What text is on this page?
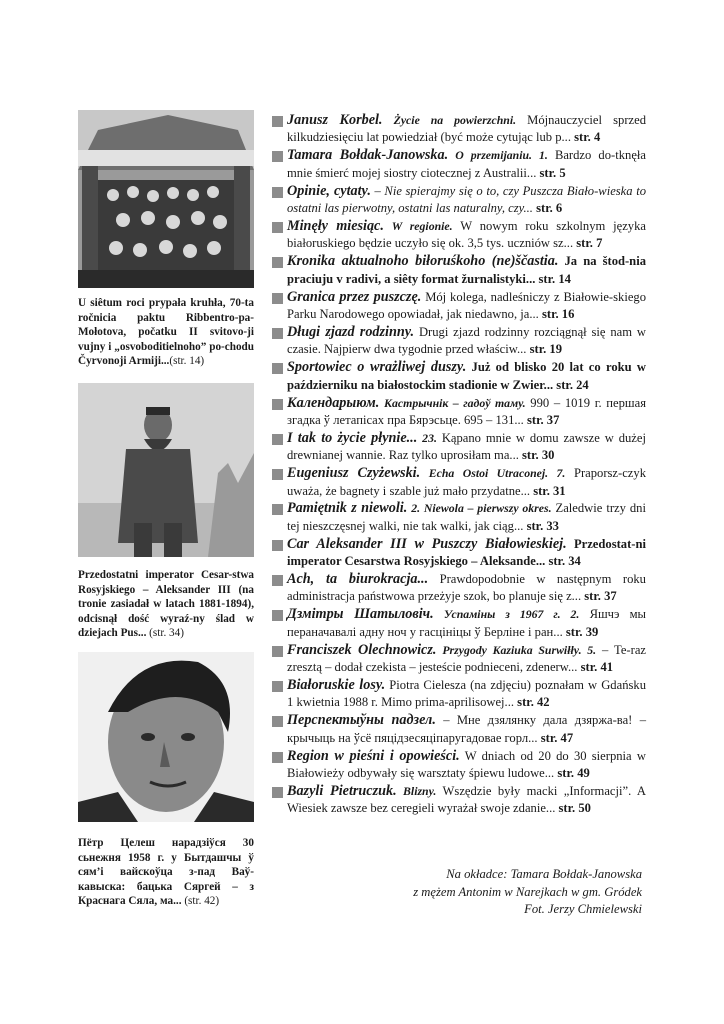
U siêtum roci prypała kruhła, 70-ta ročnicia paktu Ribbentro-pa-Mołotova, počatku II svitovo-ji vujny i „osvoboditielnoho” po-chodu Čyrvonoji Armiji...(str. 14)
Przedostatni imperator Cesar-stwa Rosyjskiego – Aleksander III (na tronie zasiadał w latach 1881-1894), odcisnął dość wyraź-ny ślad w dziejach Pus... (str. 34)
Пётр Целеш нарадзіўся 30 сьнежня 1958 г. у Бытдашчы ў сям’і вайскоўца з-пад Ваў-кавыска: бацька Сяргей – з Краснага Сяла, ма... (str. 42)
Janusz Korbel. Życie na powierzchni. Mójnauczyciel sprzed kilkudziesięciu lat powiedział (być może cytując lub p... str. 4
Tamara Bołdak-Janowska. O przemijaniu. 1. Bardzo do-tknęła mnie śmierć mojej siostry ciotecznej z Australii... str. 5
Opinie, cytaty. – Nie spierajmy się o to, czy Puszcza Biało-wieska to ostatni las pierwotny, ostatni las naturalny, czy... str. 6
Minęły miesiąc. W regionie. W nowym roku szkolnym języka białoruskiego będzie uczyło się ok. 3,5 tys. uczniów sz... str. 7
Kronika aktualnoho biłoruśkoho (ne)ščastia. Ja na štod-nia praciuju v radivi, a siêty format žurnalistyki... str. 14
Granica przez puszczę. Mój kolega, nadleśniczy z Białowie-skiego Parku Narodowego opowiadał, jak niedawno, ja... str. 16
Długi zjazd rodzinny. Drugi zjazd rodzinny rozciągnął się nam w czasie. Najpierw dwa tygodnie przed właściw... str. 19
Sportowiec o wrażliwej duszy. Już od blisko 20 lat co roku w październiku na białostockim stadionie w Zwier... str. 24
Календарыюм. Кастрычнік – гадоў таму. 990 – 1019 г. першая згадка ў летапісах пра Бярэсьце. 695 – 131... str. 37
I tak to życie płynie... 23. Kąpano mnie w domu zawsze w dużej drewnianej wannie. Raz tylko uprosiłam ma... str. 30
Eugeniusz Czyżewski. Echa Ostoi Utraconej. 7. Praporsz-czyk uważa, że bagnety i szable już mało przydatne... str. 31
Pamiętnik z niewoli. 2. Niewola – pierwszy okres. Zaledwie trzy dni tej nieszczęsnej walki, nie tak walki, jak ciąg... str. 33
Car Aleksander III w Puszczy Białowieskiej. Przedostat-ni imperator Cesarstwa Rosyjskiego – Aleksande... str. 34
Ach, ta biurokracja... Prawdopodobnie w następnym roku administracja państwowa przeżyje szok, bo planuje się z... str. 37
Дзмітры Шатыловіч. Успаміны з 1967 г. 2. Яшчэ мы пераначавалі адну ноч у гасцініцы ў Берліне і ран... str. 39
Franciszek Olechnowicz. Przygody Kaziuka Surwiłły. 5. – Te-raz zresztą – dodał czekista – jesteście podnieceni, zdenerw... str. 41
Białoruskie losy. Piotra Cielesza (na zdjęciu) poznałam w Gdańsku 1 kwietnia 1988 r. Mimo prima-aprilisowej... str. 42
Перспектыўны падзел. – Мне дзялянку дала дзяржа-ва! – крычыць на ўсё пяцідзесяціпаругадовае горл... str. 47
Region w pieśni i opowieści. W dniach od 20 do 30 sierpnia w Białowieży odbywały się warsztaty śpiewu ludowe... str. 49
Bazyli Pietruczuk. Blizny. Wszędzie były macki „Informacji”. A Wiesiek zawsze bez ceregieli wyrażał swoje zdanie... str. 50
Na okładce: Tamara Bołdak-Janowska
z mężem Antonim w Narejkach w gm. Gródek
Fot. Jerzy Chmielewski
